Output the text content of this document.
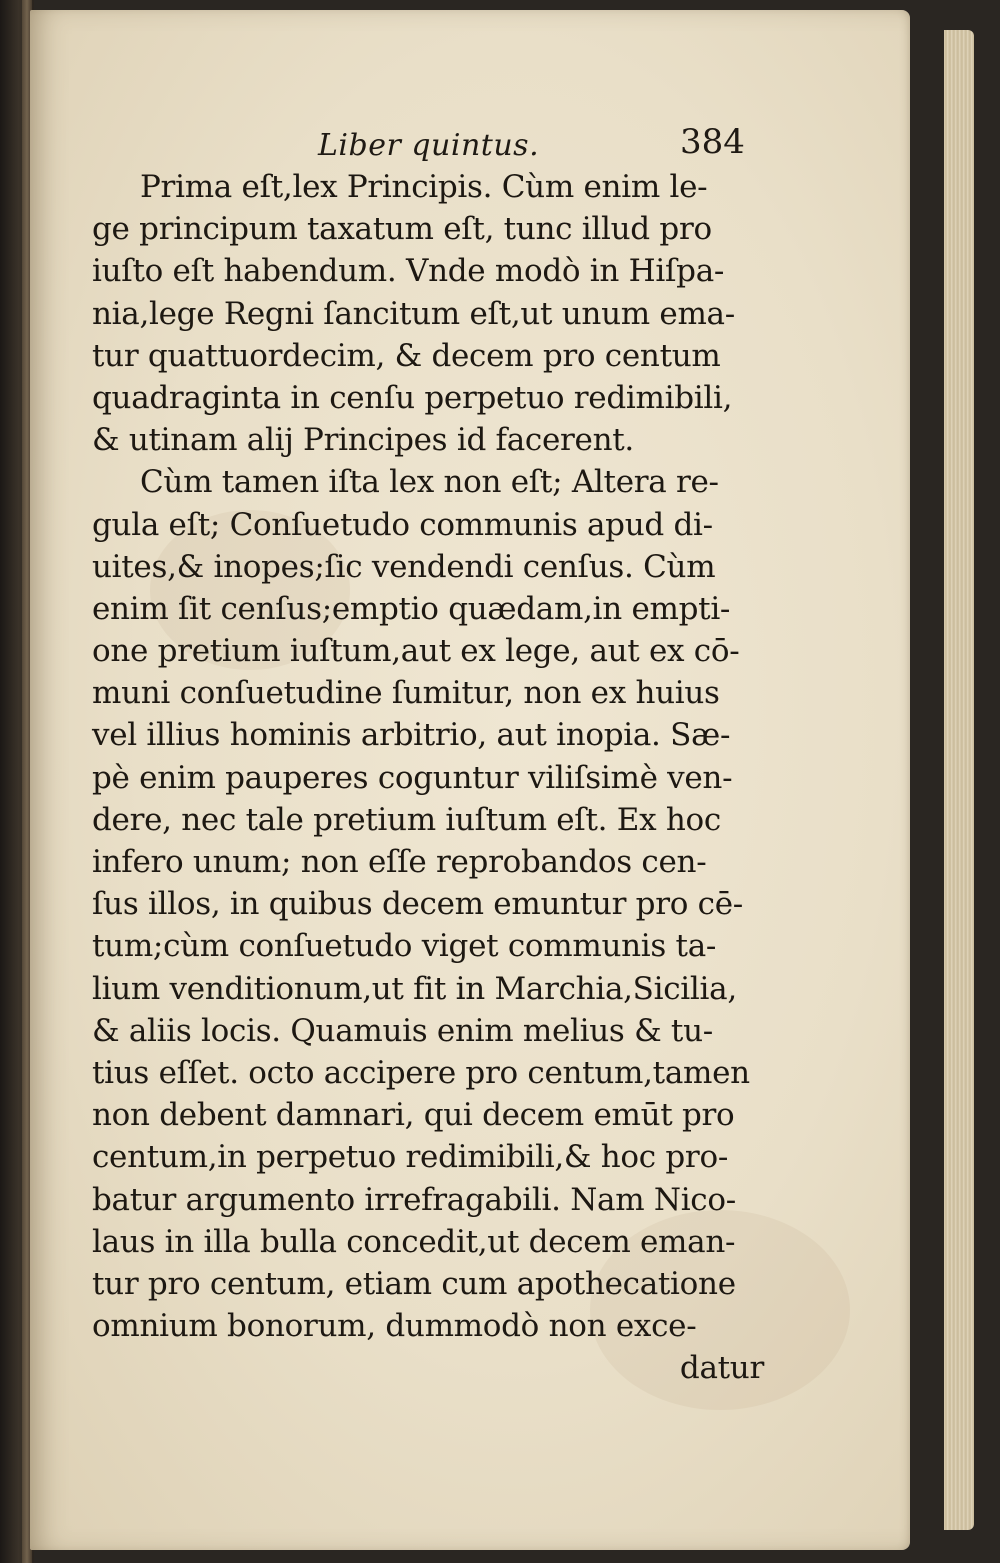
Liber quintus.	384
Prima eſt,lex Principis. Cùm enim le-
ge principum taxatum eſt, tunc illud pro
iuſto eſt habendum. Vnde modò in Hiſpa-
nia,lege Regni ſancitum eſt,ut unum ema-
tur quattuordecim, & decem pro centum
quadraginta in cenſu perpetuo redimibili,
& utinam alij Principes id facerent.
Cùm tamen iſta lex non eſt; Altera re-
gula eſt; Conſuetudo communis apud di-
uites,& inopes;ſic vendendi cenſus. Cùm
enim ſit cenſus;emptio quædam,in empti-
one pretium iuſtum,aut ex lege, aut ex cō-
muni conſuetudine ſumitur, non ex huius
vel illius hominis arbitrio, aut inopia. Sæ-
pè enim pauperes coguntur viliſsimè ven-
dere, nec tale pretium iuſtum eſt. Ex hoc
infero unum; non eſſe reprobandos cen-
ſus illos, in quibus decem emuntur pro cē-
tum;cùm conſuetudo viget communis ta-
lium venditionum,ut fit in Marchia,Sicilia,
& aliis locis. Quamuis enim melius & tu-
tius eſſet. octo accipere pro centum,tamen
non debent damnari, qui decem emūt pro
centum,in perpetuo redimibili,& hoc pro-
batur argumento irrefragabili. Nam Nico-
laus in illa bulla concedit,ut decem eman-
tur pro centum, etiam cum apothecatione
omnium bonorum, dummodò non exce-
datur
